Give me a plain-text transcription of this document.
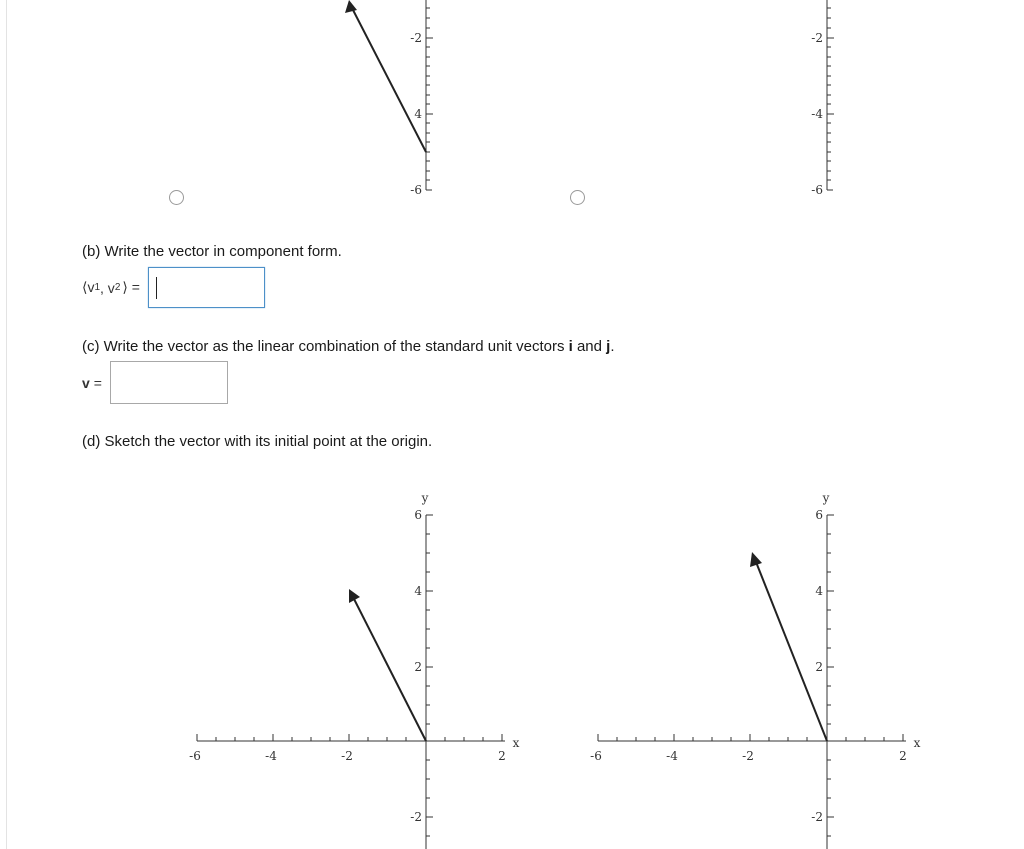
-2
4
-6
-2
-4
-6
(b) Write the vector in component form.
⟨v 1 , v 2 ⟩ =
(c) Write the vector as the linear combination of the standard unit vectors i and j.
v =
(d) Sketch the vector with its initial point at the origin.
y
x
-6	-4	-2	2
6
4
2
-2
y
x
-6	-4	-2	2
6
4
2
-2
